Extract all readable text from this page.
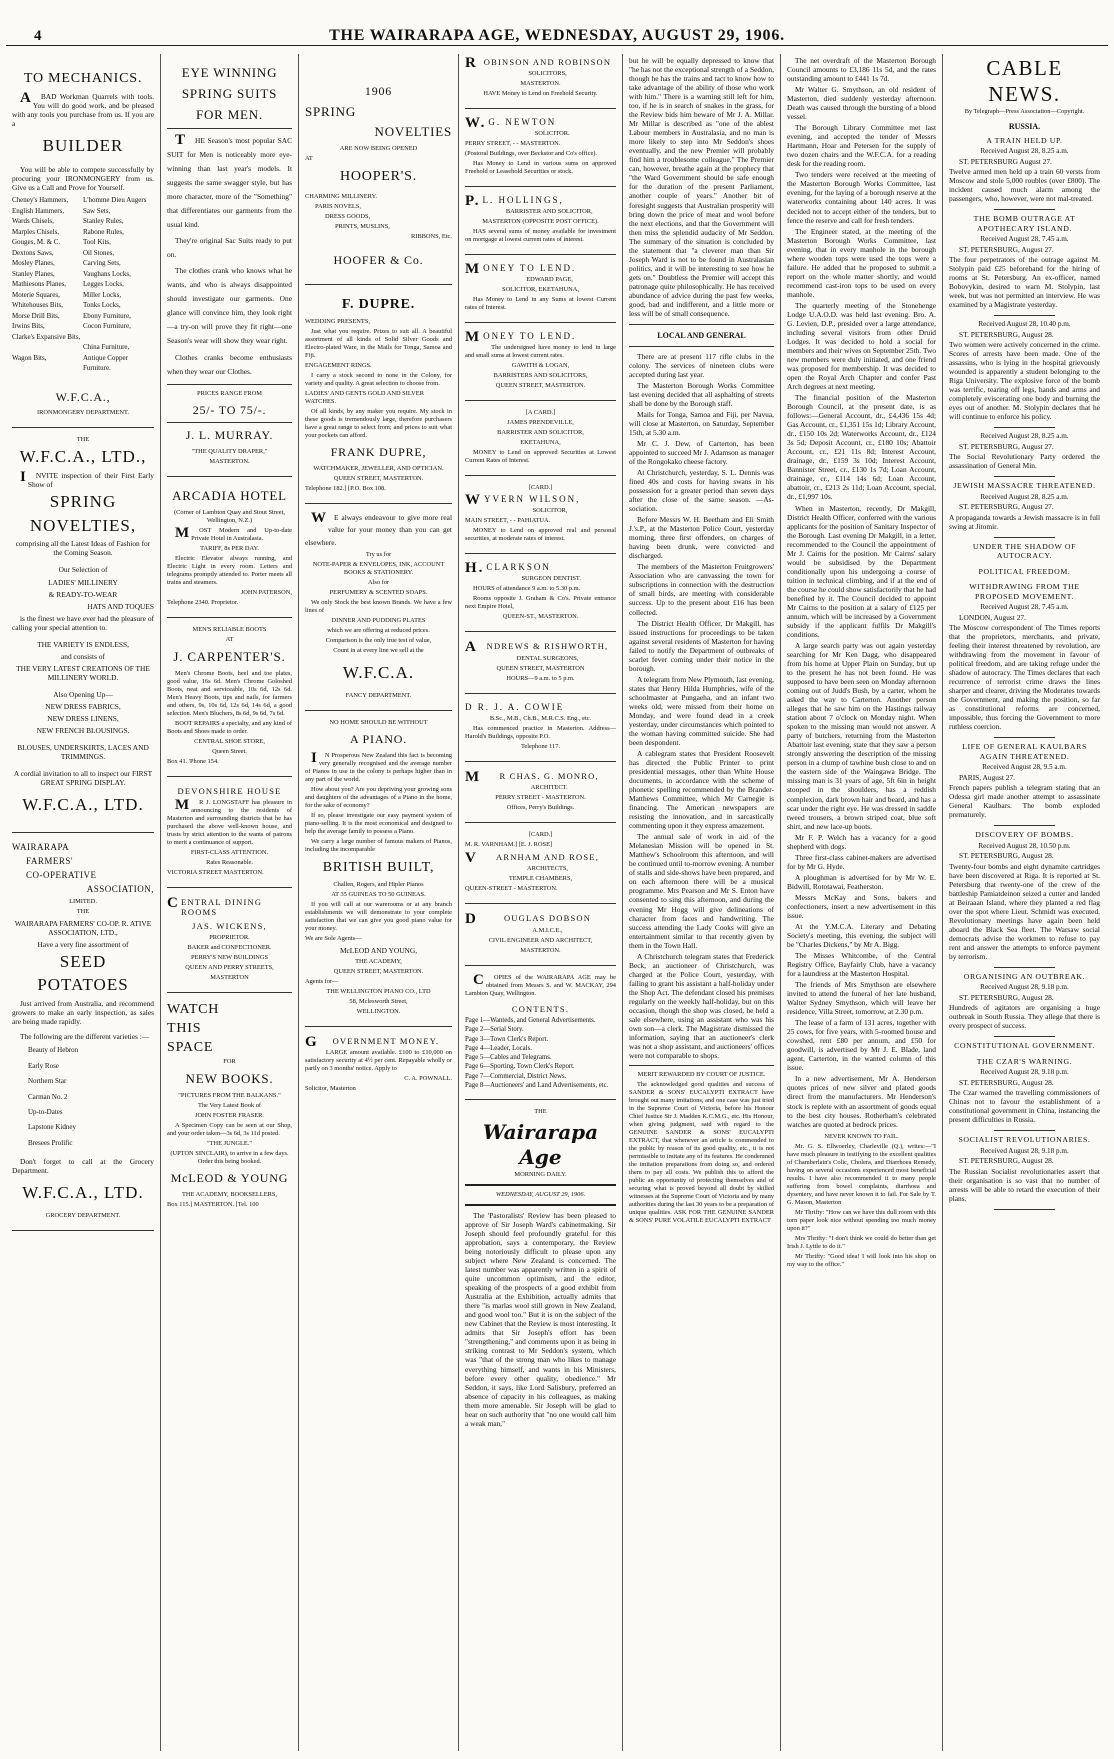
4	THE WAIRARAPA AGE, WEDNESDAY, AUGUST 29, 1906.
TO MECHANICS.

ABAD Workman Quarrels with tools. You will do good work, and be pleased with any tools you purchase from us. If you are a

BUILDER

You will be able to compete successfully by procuring your IRONMONGERY from us. Give us a Call and Prove for Yourself.

Cheney's Hammers,
English Hammers,
Wards Chisels,
Marples Chisels,
Gouges, M. & C.
Dextons Saws,
Mosley Planes,
Stanley Planes,
Mathiesons Planes,
Moterie Squares,
Whitehouses Bits,
Morse Drill Bits,
Irwins Bits,
Clarke's Expansive Bits,

Wagon Bits,
L'homme Dieu Augers
Saw Sets,
Stanley Rules,
Rabone Rules,
Tool Kits,
Oil Stones,
Carving Sets,
Vaughans Locks,
Legges Locks,
Miller Locks,
Tonks Locks,
Ebony Furniture,
Cocon Furniture,

China Furniture,
Antique Copper Furniture.
W.F.C.A.,
IRONMONGERY DEPARTMENT.
THE
W.F.C.A., LTD.,

INVITE inspection of their First Early Show of

SPRING
NOVELTIES,
comprising all the Latest Ideas of Fashion for the Coming Season.
Our Selection of
LADIES' MILLINERY
& READY-TO-WEAR
HATS AND TOQUES

is the finest we have ever had the pleasure of calling your special attention to.

THE VARIETY IS ENDLESS,
and consists of
THE VERY LATEST CREATIONS OF THE MILLINERY WORLD.
Also Opening Up—
NEW DRESS FABRICS,
NEW DRESS LINENS,
NEW FRENCH BLOUSINGS.
BLOUSES, UNDERSKIRTS, LACES AND TRIMMINGS.
A cordial invitation to all to inspect our FIRST GREAT SPRING DISPLAY.
W.F.C.A., LTD.
WAIRARAPA
FARMERS'
CO-OPERATIVE
ASSOCIATION,
LIMITED.
THE
WAIRARAPA FARMERS' CO-OP. R. ATIVE ASSOCIATION, LTD.,
Have a very fine assortment of
SEED
POTATOES

Just arrived from Australia, and recommend growers to make an early inspection, as sales are being made rapidly.

The following are the different varieties :—

Beauty of Hebron
Early Rose
Northern Star
Carman No. 2
Up-to-Dates
Lapstone Kidney
Bresees Prolific

Don't forget to call at the Grocery Department.

W.F.C.A., LTD.
GROCERY DEPARTMENT.
EYE WINNING
SPRING SUITS
FOR MEN.

THE Season's most popular SAC SUIT for Men is noticeably more eye-winning than last year's models. It suggests the same swagger style, but has more character, more of the "Something" that differentiates our garments from the usual kind.

They're original Sac Suits ready to put on.

The clothes crank who knows what he wants, and who is always disappointed should investigate our garments. One glance will convince him, they look right—a try-on will prove they fit right—one Season's wear will show they wear right.

Clothes cranks become enthusiasts when they wear our Clothes.

PRICES RANGE FROM
25/- TO 75/-.
J. L. MURRAY.
"THE QUALITY DRAPER,"
MASTERTON.
ARCADIA HOTEL
(Corner of Lambton Quay and Stout Street, Wellington, N.Z.)

MOST Modern and Up-to-date Private Hotel in Australasia.

TARIFF, 8s PER DAY.

Electric Elevator always running, and Electric Light in every room. Letters and telegrams promptly attended to. Porter meets all trains and steamers.

JOHN PATERSON,
Telephone 2340. Proprietor.
MEN'S RELIABLE BOOTS
AT
J. CARPENTER'S.

Men's Chrome Boots, heel and toe plates, good value, 16s 6d. Men's Chrome Goloshed Boots, neat and serviceable, 10s 6d, 12s 6d. Men's Heavy Boots, tips and nails, for farmers and others, 9s, 10s 6d, 12s 6d, 14s 6d, a good selection. Men's Bluchers, 8s 6d, 9s 6d, 7s 6d.

BOOT REPAIRS a specialty, and any kind of Boots and Shoes made to order.

CENTRAL SHOE STORE,
Queen Street.
Box 41. 'Phone 154.
DEVONSHIRE HOUSE

MR J. LONGSTAFF has pleasure in announcing to the residents of Masterton and surrounding districts that he has purchased the above well-known house, and trusts by strict attention to the wants of patrons to merit a continuance of support.

FIRST-CLASS ATTENTION.
Rates Reasonable.
VICTORIA STREET MASTERTON.
CENTRAL DINING ROOMS
JAS. WICKENS,
PROPRIETOR.
BAKER and CONFECTIONER.
PERRY'S NEW BUILDINGS
QUEEN AND PERRY STREETS,
MASTERTON
WATCH
THIS
SPACE
FOR
NEW BOOKS.
"PICTURES FROM THE BALKANS."
The Very Latest Book of
JOHN FOSTER FRASER.

A Specimen Copy can be seen at our Shop, and your order taken—3s 6d, 3s 11d posted.

"THE JUNGLE."
(UPTON SINCLAIR), to arrive in a few days. Order this being booked.
McLEOD & YOUNG
THE ACADEMY, BOOKSELLERS,
Box 115.] MASTERTON. [Tel. 100
1906
SPRING
NOVELTIES
ARE NOW BEING OPENED
AT
HOOPER'S.
CHARMING MILLINERY.
PARIS NOVELS,
DRESS GOODS,
PRINTS, MUSLINS,
RIBBONS, Etc.
HOOFER & Co.
F. DUPRE.
WEDDING PRESENTS,

Just what you require. Prizes to suit all. A beautiful assortment of all kinds of Solid Silver Goods and Electro-plated Ware, in the Mails for Tonga, Samoa and Fiji.

ENGAGEMENT RINGS.

I carry a stock second to none in the Colony, for variety and quality. A great selection to choose from.

LADIES' AND GENTS GOLD AND SILVER WATCHES.

Of all kinds, by any maker you require. My stock in these goods is tremendously large, therefore purchasers have a great range to select from; and prices to suit what your pockets can afford.

FRANK DUPRE,
WATCHMAKER, JEWELLER, AND OPTICIAN.
QUEEN STREET, MASTERTON.
Telephone 182.] [P.O. Box 108.

WE always endeavour to give more real value for your money than you can get elsewhere.

Try us for
NOTE-PAPER & ENVELOPES, INK, ACCOUNT BOOKS & STATIONERY.
Also for
PERFUMERY & SCENTED SOAPS.

We only Stock the best known Brands. We have a few lines of

DINNER AND PUDDING PLATES
which we are offering at reduced prices.
Comparison is the only true test of value,
Count in at every line we sell at the
W.F.C.A.
FANCY DEPARTMENT.
NO HOME SHOULD BE WITHOUT
A PIANO.

IN Prosperous New Zealand this fact is becoming very generally recognised and the average number of Pianos in use in the colony is perhaps higher than in any part of the world.

How about you? Are you depriving your growing sons and daughters of the advantages of a Piano in the home, for the sake of economy?

If so, please investigate our easy payment system of piano-selling. It is the most economical and designed to help the average family to possess a Piano.

We carry a large number of famous makers of Pianos, including the incomparable

BRITISH BUILT,
Challen, Rogers, and Hipler Pianos
AT 35 GUINEAS TO 50 GUINEAS.

If you will call at our warerooms or at any branch establishments we will demonstrate to your complete satisfaction that we can give you good piano value for your money.

We are Sole Agents—
McLEOD AND YOUNG,
THE ACADEMY,
QUEEN STREET, MASTERTON.
Agents for—
THE WELLINGTON PIANO CO., LTD
58, Mclesworth Street,
WELLINGTON.
GOVERNMENT MONEY.

LARGE amount available. £100 to £10,000 on satisfactory security at 4½ per cent. Repayable wholly or partly on 3 months' notice. Apply to

C. A. POWNALL.
Solicitor, Masterton
ROBINSON AND ROBINSON
SOLICITORS,
MASTERTON.
HAVE Money to Lend on Freehold Security.
W.G. NEWTON
SOLICITOR.
PERRY STREET, - - MASTERTON.
(Postoral Buildings, over Beckstor and Co's office).

Has Money to Lend in various sums on approved Freehold or Leasehold Securities or stock.

P.L. HOLLINGS,
BARRISTER AND SOLICITOR,
MASTERTON (OPPOSITE POST OFFICE).

HAS several sums of money available for investment on mortgage at lowest current rates of interest.

MONEY TO LEND.
EDWARD PAGE,
SOLICITOR, EKETAHUNA,

Has Money to Lend in any Sums at lowest Current rates of Interest.

MONEY TO LEND.

The undersigned have money to lend in large and small sums at lowest current rates.

GAWITH & LOGAN,
BARRISTERS AND SOLICITORS,
QUEEN STREET, MASTERTON.
[A CARD.]
JAMES PRENDEVILLE,
BARRISTER AND SOLICITOR,
EKETAHUNA,

MONEY to Lend on approved Securities at Lowest Current Rates of Interest.

[CARD.]
WYVERN WILSON,
SOLICITOR,
MAIN STREET, - - PAHIATUA.

MONEY to Lend on approved real and personal securities, at moderate rates of interest.

H.CLARKSON
SURGEON DENTIST.

HOURS of attendance 9 a.m. to 5.30 p.m.

Rooms opposite J. Graham & Co's. Private entrance next Empire Hotel,

QUEEN-ST., MASTERTON.
ANDREWS & RISHWORTH,
DENTAL SURGEONS,
QUEEN STREET, MASTERTON
HOURS—9 a.m. to 5 p.m.
D R. J. A. COWIE
B.Sc., M.B., Ch.B., M.R.C.S. Eng., etc.

Has commenced practice in Masterton. Address—Harold's Buildings, opposite P.O.

Telephone 117.
MR CHAS. G. MONRO,
ARCHITECT.
PERRY STREET - MASTERTON.
Offices, Perry's Buildings.
[CARD.]
M. R. VARNHAM.] [E. J. ROSE]
VARNHAM AND ROSE,
ARCHITECTS,
TEMPLE CHAMBERS,
QUEEN-STREET - MASTERTON.
DOUGLAS DOBSON
A.M.I.C.E.,
CIVIL ENGINEER AND ARCHITECT,
MASTERTON.

COPIES of the WAIRARAPA AGE may be obtained from Messrs S. and W. MACKAY, 294 Lambton Quay, Wellington.

CONTENTS.
Page 1—Wanteds, and General Advertisements.
Page 2—Serial Story.
Page 3—Town Clerk's Report.
Page 4—Leader, Locals.
Page 5—Cables and Telegrams.
Page 6—Sporting, Town Clerk's Report.
Page 7—Commercial, District News.
Page 8—Auctioneers' and Land Advertisements, etc.
THE
Wairarapa Age
MORNING DAILY.
WEDNESDAY, AUGUST 29, 1906.

The 'Pastoralists' Review has been pleased to approve of Sir Joseph Ward's cabinetmaking. Sir Joseph should feel profoundly grateful for this approbation, says a contemporary, the Review being notoriously difficult to please upon any subject where New Zealand is concerned. The latest number was apparently written in a spirit of quite uncommon optimism, and the editor, speaking of the prospects of a good exhibit from Australia at the Exhibition, actually admits that there "is marlas wool still grown in New Zealand, and good wool too." But it is on the subject of the new Cabinet that the Review is most interesting. It admits that Sir Joseph's effort has been "strengthening," and comments upon it as being in striking contrast to Mr Seddon's system, which was "that of the strong man who likes to manage everything himself, and wants in his Ministers, before every other quality, obedience." Mr Seddon, it says, like Lord Salisbury, preferred an absence of capacity in his colleagues, as making them more amenable. Sir Joseph will be glad to hear on such authority that "no one would call him a weak man,"

but he will be equally depressed to know that "he has not the exceptional strength of a Seddon, though he has the trains and tact to know how to take advantage of the ability of those who work with him." There is a warning still left for him, too, if he is in search of snakes in the grass, for the Review bids him beware of Mr J. A. Millar. Mr Millar is described as "one of the ablest Labour members in Australasia, and no man is more likely to step into Mr Seddon's shoes eventually, and the new Premier will probably find him a troublesome colleague." The Premier can, however, breathe again at the prophecy that "the Ward Government should be safe enough for the duration of the present Parliament, another couple of years." Another bit of foresight suggests that Australian prosperity will bring down the price of meat and wool before the next elections, and that the Government will then miss the splendid audacity of Mr Seddon. The summary of the situation is concluded by the statement that "a cleverer man than Sir Joseph Ward is not to be found in Australasian politics, and it will be interesting to see how he gets on." Doubtless the Premier will accept this patronage quite philosophically. He has received abundance of advice during the past few weeks, good, bad and indifferent, and a little more or less will be of small consequence.

LOCAL AND GENERAL

There are at present 117 rifle clubs in the colony. The services of nineteen clubs were accepted during last year.

The Masterton Borough Works Committee last evening decided that all asphalting of streets shall be done by the Borough staff.

Mails for Tonga, Samoa and Fiji, per Navua, will close at Masterton, on Saturday, September 15th, at 5.30 a.m.

Mr C. J. Dew, of Carterton, has been appointed to succeed Mr J. Adamson as manager of the Rongokako cheese factory.

At Christchurch, yesterday, S. L. Dennis was fined 40s and costs for having swans in his possession for a greater period than seven days after the close of the same season. —As-sociation.

Before Messrs W. H. Beetham and Eli Smith J.'s.P., at the Masterton Police Court, yesterday morning, three first offenders, on charges of having been drunk, were convicted and discharged.

The members of the Masterton Fruitgrowers' Association who are canvassing the town for subscriptions in connection with the destruction of small birds, are meeting with considerable success. Up to the present about £16 has been collected.

The District Health Officer, Dr Makgill, has issued instructions for proceedings to be taken against several residents of Masterton for having failed to notify the Department of outbreaks of scarlet fever coming under their notice in the borough.

A telegram from New Plymouth, last evening, states that Henry Hilda Humphries, wife of the schoolmaster at Pungaeha, and an infant two weeks old, were missed from their home on Monday, and were found dead in a creek yesterday, under circumstances which pointed to the woman having committed suicide. She had been despondent.

A cablegram states that President Roosevelt has directed the Public Printer to print presidential messages, other than White House documents, in accordance with the scheme of phonetic spelling recommended by the Brander-Matthews Committee, which Mr Carnegie is financing. The American newspapers are resisting the innovation, and in sarcastically commenting upon it they express amazement.

The annual sale of work in aid of the Melanesian Mission will be opened in St. Matthew's Schoolroom this afternoon, and will be continued until to-morrow evening. A number of stalls and side-shows have been prepared, and on each afternoon there will be a musical programme. Mrs Pearson and Mr S. Enton have consented to sing this afternoon, and during the evening Mr Hogg will give delineations of character from faces and handwriting. The success attending the Lady Cooks will give an entertainment similar to that recently given by them in the Town Hall.

A Christchurch telegram states that Frederick Beck, an auctioneer of Christchurch, was charged at the Police Court, yesterday, with failing to grant his assistant a half-holiday under the Shop Act. The defendant closed his premises regularly on the weekly half-holiday, but on this occasion, though the shop was closed, he held a sale elsewhere, using an assistant who was his own son—a clerk. The Magistrate dismissed the information, saying that an auctioneer's clerk was not a shop assistant, and auctioneers' offices were not comparable to shops.

MERIT REWARDED BY COURT OF JUSTICE.

The acknowledged good qualities and success of SANDER & SONS' EUCALYPTI EXTRACT have brought out many imitations, and one case was just tried in the Supreme Court of Victoria, before his Honour Chief Justice Sir J. Madden K.C.M.G., etc. His Honour, when giving judgment, said with regard to the GENUINE SANDER & SONS' EUCALYPTI EXTRACT, that whenever an article is commended to the public by reason of its good quality, etc., it is not permissible to imitate any of its features. He condemned the imitation preparations from doing so, and ordered them to pay all costs. We publish this to afford the public an opportunity of protecting themselves and of securing what is proved beyond all doubt by skilled witnesses at the Supreme Court of Victoria and by many authorities during the last 30 years to be a preparation of unique qualities. ASK FOR THE GENUINE SANDER & SONS' PURE VOLATILE EUCALYPTI EXTRACT

The net overdraft of the Masterton Borough Council amounts to £3,186 11s 5d, and the rates outstanding amount to £441 1s 7d.

Mr Walter G. Smythson, an old resident of Masterton, died suddenly yesterday afternoon. Death was caused through the bursting of a blood vessel.

The Borough Library Committee met last evening, and accepted the tender of Messrs Hartmann, Hoar and Petersen for the supply of two dozen chairs and the W.F.C.A. for a reading desk for the reading room.

Two tenders were received at the meeting of the Masterton Borough Works Committee, last evening, for the laying of a borough reserve at the waterworks containing about 140 acres. It was decided not to accept either of the tenders, but to fence the reserve and call for fresh tenders.

The Engineer stated, at the meeting of the Masterton Borough Works Committee, last evening, that in every manhole in the borough where wooden tops were used the tops were a failure. He added that he proposed to submit a report on the whole matter shortly, and would recommend cast-iron tops to be used on every manhole.

The quarterly meeting of the Stonehenge Lodge U.A.O.D. was held last evening. Bro. A. G. Levien, D.P., presided over a large attendance, including several visitors from other Druid Lodges. It was decided to hold a social for members and their wives on September 25th. Two new members were duly initiated, and one friend was proposed for membership. It was decided to open the Royal Arch Chapter and confer Past Arch degrees at next meeting.

The financial position of the Masterton Borough Council, at the present date, is as follows:—General Account, dr., £4,436 15s 4d; Gas Account, cr., £1,351 15s 1d; Library Account, dr., £150 10s 2d; Waterworks Account, dr., £124 3s 5d; Deposit Account, cr., £180 10s; Abattoir Account, cr., £21 11s 8d; Interest Account, drainage, dr., £159 3s 10d; Interest Account, Bannister Street, cr., £130 1s 7d; Loan Account, drainage, cr., £114 14s 6d; Loan Account, abattoir, cr., £213 2s 11d; Loan Account, special, dr., £1,997 10s.

When in Masterton, recently, Dr Makgill, District Health Officer, conferred with the various applicants for the position of Sanitary Inspector of the Borough. Last evening Dr Makgill, in a letter, recommended to the Council the appointment of Mr J. Cairns for the position. Mr Cairns' salary would be subsidised by the Department conditionally upon his undergoing a course of tuition in technical climbing, and if at the end of the course he could show satisfactorily that he had benefited by it. The Council decided to appoint Mr Cairns to the position at a salary of £125 per annum, which will be increased by a Government subsidy if the applicant fulfils Dr Makgill's conditions.

A large search party was out again yesterday searching for Mr Ken Dagg, who disappeared from his home at Upper Plain on Sunday, but up to the present he has not been found. He was supposed to have been seen on Monday afternoon coming out of Judd's Bush, by a carter, whom he asked the way to Carterton. Another person alleges that he saw him on the Hastings railway station about 7 o'clock on Monday night. When spoken to the missing man would not answer. A party of butchers, returning from the Masterton Abattoir last evening, state that they saw a person strongly answering the description of the missing person in a clump of tawhine bush close to and on the eastern side of the Waingawa Bridge. The missing man is 31 years of age, 5ft 6in in height stooped in the shoulders, has a reddish complexion, dark brown hair and beard, and has a scar under the right eye. He was dressed in saddle tweed trousers, a brown striped coat, blue soft shirt, and new lace-up boots.

Mr F. P. Welch has a vacancy for a good shepherd with dogs.

Three first-class cabinet-makers are advertised for by Mr G. Hyde.

A ploughman is advertised for by Mr W. E. Bidwill, Rototawai, Featherston.

Messrs McKay and Sons, bakers and confectioners, insert a new advertisement in this issue.

At the Y.M.C.A. Literary and Debating Society's meeting, this evening, the subject will be "Charles Dickens," by Mr A. Bigg.

The Misses Whitcombe, of the Central Registry Office, Bayfairly Club, have a vacancy for a laundress at the Masterton Hospital.

The friends of Mrs Smythson are elsewhere invited to attend the funeral of her late husband, Walter Sydney Smythson, which will leave her residence, Villa Street, tomorrow, at 2.30 p.m.

The lease of a farm of 131 acres, together with 25 cows, for five years, with 5-roomed house and cowshed, rent £80 per annum, and £50 for goodwill, is advertised by Mr J. E. Blade, land agent, Carterton, in the wanted column of this issue.

In a new advertisement, Mr A. Henderson quotes prices of new silver and plated goods direct from the manufacturers. Mr Henderson's stock is replete with an assortment of goods equal to the best city houses. Rotherham's celebrated watches are quoted at bedrock prices.

NEVER KNOWN TO FAIL.

Mr. G. S. Ellwoerley, Charleville (Q.), writes:—"I have much pleasure in testifying to the excellent qualities of Chamberlain's Colic, Cholera, and Diarrhoea Remedy, having on several occasions experienced most beneficial results. I have also recommended it to many people suffering from bowel complaints, diarrhoea and dysentery, and have never known it to fail. For Sale by T. G. Mason, Masterton

Mr Thrifty: "How can we have this dull room with this torn paper look nice without spending too much money upon it?"

Mrs Thrifty: "I don't think we could do better than get Irish J. Lyttle to do it."

Mr Thrifty: "Good idea! I will look into his shop on my way to the office."

CABLE NEWS.
By Telegraph—Press Association—Copyright.
RUSSIA.
A TRAIN HELD UP.
Received August 28, 8.25 a.m.
ST. PETERSBURG August 27.

Twelve armed men held up a train 60 versts from Moscow and stole 5,000 roubles (over £800). The incident caused much alarm among the passengers, who, however, were not mal-treated.

THE BOMB OUTRAGE AT APOTHECARY ISLAND.
Received August 28, 7.45 a.m.
ST. PETERSBURG, August 27.

The four perpetrators of the outrage against M. Stolypin paid £25 beforehand for the hiring of rooms at St. Petersburg. An ex-officer, named Bobovykin, desired to warn M. Stolypin, last week, but was not permitted an interview. He was examined by a Magistrate yesterday.

Received August 28, 10.40 p.m.
ST. PETERSBURG, August 28.

Two women were actively concerned in the crime. Scores of arrests have been made. One of the assassins, who is lying in the hospital grievously wounded is apparently a student belonging to the Riga University. The explosive force of the bomb was terrific, tearing off legs, hands and arms and completely eviscerating one body and burning the eyes out of another. M. Stolypin declares that he will continue to enforce his policy.

Received August 28, 8.25 a.m.
ST. PETERSBURG, August 27.

The Social Revolutionary Party ordered the assassination of General Min.

JEWISH MASSACRE THREATENED.
Received August 28, 8.25 a.m.
ST. PETERSBURG, August 27.

A propaganda towards a Jewish massacre is in full swing at Jitomir.

UNDER THE SHADOW OF AUTOCRACY.
POLITICAL FREEDOM.
WITHDRAWING FROM THE PROPOSED MOVEMENT.
Received August 28, 7.45 a.m.
LONDON, August 27.

The Moscow correspondent of The Times reports that the proprietors, merchants, and private, feeling their interest threatened by revolution, are withdrawing from the movement in favour of political freedom, and are taking refuge under the shadow of autocracy. The Times declares that each recurrence of terrorist crime draws the lines sharper and clearer, driving the Moderates towards the Government, and making the position, so far as constitutional reforms are concerned, impossible, thus forcing the Government to more ruthless coercion.

LIFE OF GENERAL KAULBARS AGAIN THREATENED.
Received August 28, 9.5 a.m.
PARIS, August 27.

French papers publish a telegram stating that an Odessa girl made another attempt to assassinate General Kaulbars. The bomb exploded prematurely.

DISCOVERY OF BOMBS.
Received August 28, 10.50 p.m.
ST. PETERSBURG, August 28.

Twenty-four bombs and eight dynamite cartridges have been discovered at Riga. It is reported at St. Petersburg that twenty-one of the crew of the battleship Pamiatdeinon seized a cutter and landed at Beiraaan Island, where they planted a red flag over the spot where Lieut. Schmidt was executed. Revolutionary meetings have again been held aboard the Black Sea fleet. The Warsaw social democrats advise the workmen to refuse to pay rent and answer the attempts to enforce payment by terrorism.

ORGANISING AN OUTBREAK.
Received August 28, 9.18 p.m.
ST. PETERSBURG, August 28.

Hundreds of agitators are organising a huge outbreak in South Russia. They allege that there is every prospect of success.

CONSTITUTIONAL GOVERNMENT.
THE CZAR'S WARNING.
Received August 28, 9.18 p.m.
ST. PETERSBURG, August 28.

The Czar warned the travelling commissioners of Chinas not to favour the establishment of a constitutional government in China, instancing the present difficulties in Russia.

SOCIALIST REVOLUTIONARIES.
Received August 28, 9.18 p.m.
ST. PETERSBURG, August 28.

The Russian Socialist revolutionaries assert that their organisation is so vast that no number of arrests will be able to retard the execution of their plans.
